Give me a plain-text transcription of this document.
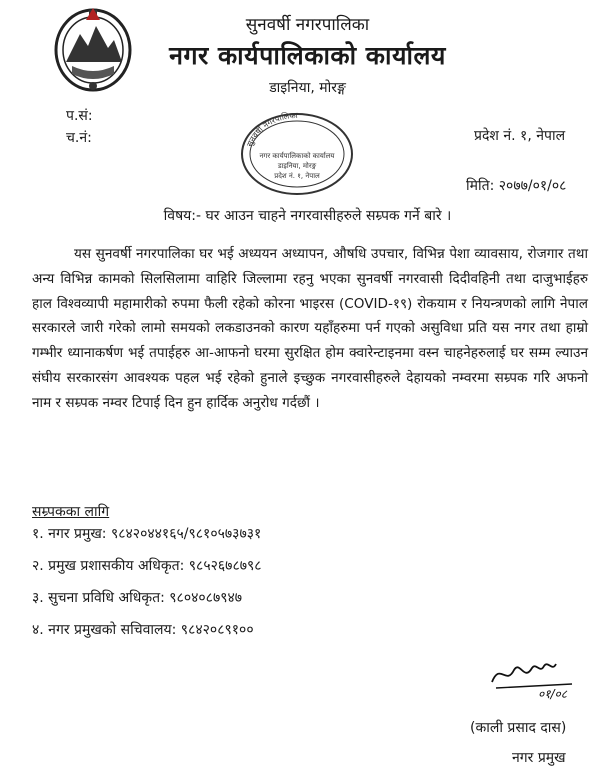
सुनवर्षी नगरपालिका
नगर कार्यपालिकाको कार्यालय
डाइनिया, मोरङ्ग
प.सं:
च.नं:	प्रदेश नं. १, नेपाल
मिति: २०७७/०१/०८
सुनवर्षी नगरपालिका
नगर कार्यपालिकाको कार्यालय
डाइनिया, मोरङ्ग
प्रदेश नं. १, नेपाल
विषय:- घर आउन चाहने नगरवासीहरुले सम्र्पक गर्ने बारे ।
यस सुनवर्षी नगरपालिका घर भई अध्ययन अध्यापन, औषधि उपचार, विभिन्न पेशा व्यावसाय, रोजगार तथा अन्य विभिन्न कामको सिलसिलामा वाहिरि जिल्लामा रहनु भएका सुनवर्षी नगरवासी दिदीवहिनी तथा दाजुभाईहरु हाल विश्वव्यापी महामारीको रुपमा फैली रहेको कोरना भाइरस (COVID-१९) रोकयाम र नियन्त्रणको लागि नेपाल सरकारले जारी गरेको लामो समयको लकडाउनको कारण यहाँहरुमा पर्न गएको असुविधा प्रति यस नगर तथा हाम्रो गम्भीर ध्यानाकर्षण भई तपाईहरु आ-आफनो घरमा सुरक्षित होम क्वारेन्टाइनमा वस्न चाहनेहरुलाई घर सम्म ल्याउन संघीय सरकारसंग आवश्यक पहल भई रहेको हुनाले इच्छुक नगरवासीहरुले देहायको नम्वरमा सम्र्पक गरि अफनो नाम र सम्र्पक नम्वर टिपाई दिन हुन हार्दिक अनुरोध गर्दछौं ।
सम्र्पकका लागि
१. नगर प्रमुख: ९८४२०४४१६५/९८१०५७३७३१
२. प्रमुख प्रशासकीय अधिकृत: ९८५२६७८७९८
३. सुचना प्रविधि अधिकृत: ९८०४०८७९४७
४. नगर प्रमुखको सचिवालय: ९८४२०८९१००
०१/०८
(काली प्रसाद दास)
नगर प्रमुख
